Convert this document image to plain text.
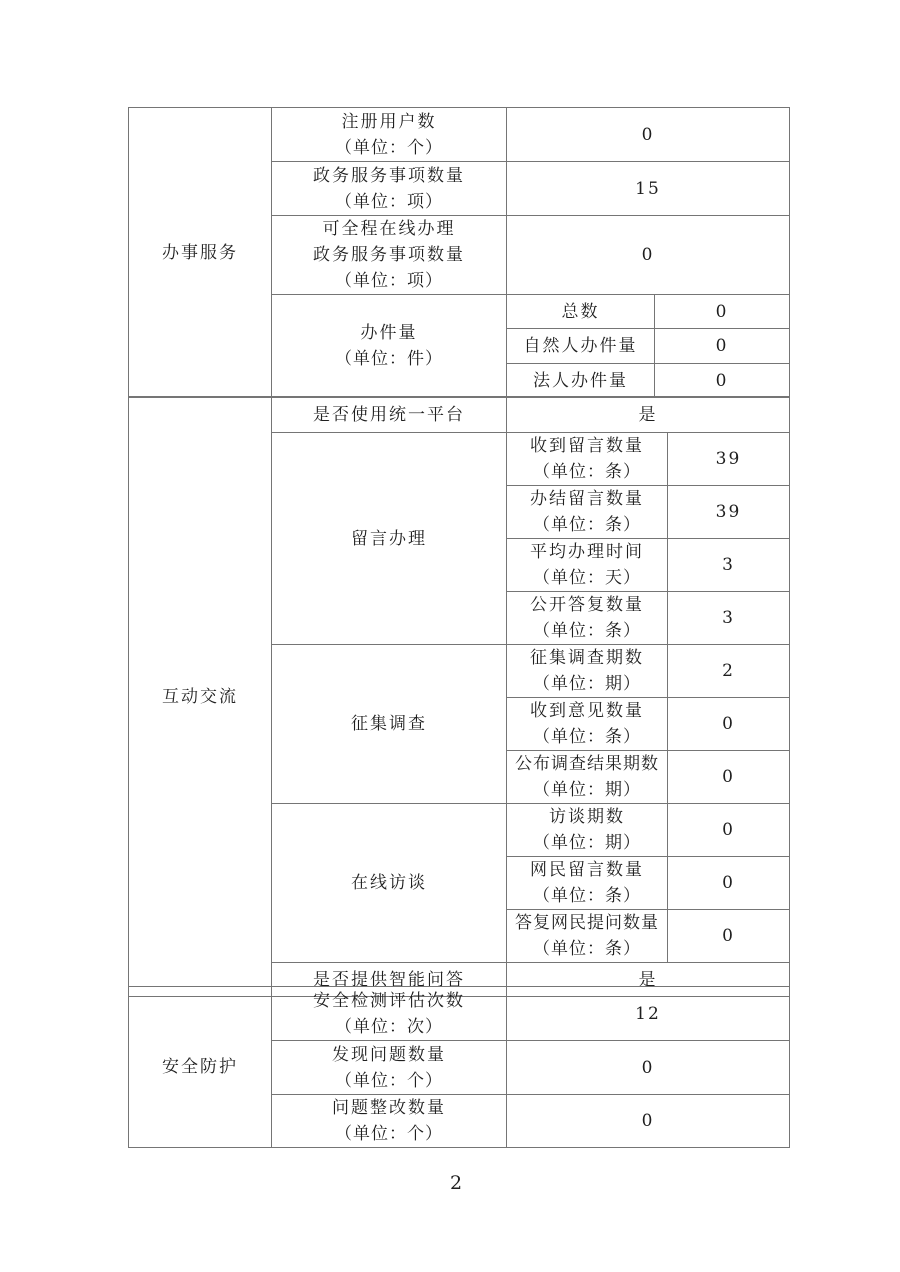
办事服务	注册用户数
（单位：个）	0	

	政务服务事项数量
（单位：项）	15	

	可全程在线办理
政务服务事项数量
（单位：项）	0	

	办件量
（单位：件）	总数	0
		自然人办件量	0
		法人办件量	0
互动交流	是否使用统一平台	是	
	留言办理	收到留言数量
（单位：条）	39

		办结留言数量
（单位：条）	39

		平均办理时间
（单位：天）	3

		公开答复数量
（单位：条）	3
	征集调查	征集调查期数
（单位：期）	2

		收到意见数量
（单位：条）	0

		公布调查结果期数
（单位：期）	0
	在线访谈	访谈期数
（单位：期）	0

		网民留言数量
（单位：条）	0

		答复网民提问数量
（单位：条）	0
	是否提供智能问答	是	
安全防护	安全检测评估次数
（单位：次）	12

	发现问题数量
（单位：个）	0

	问题整改数量
（单位：个）	0
2
